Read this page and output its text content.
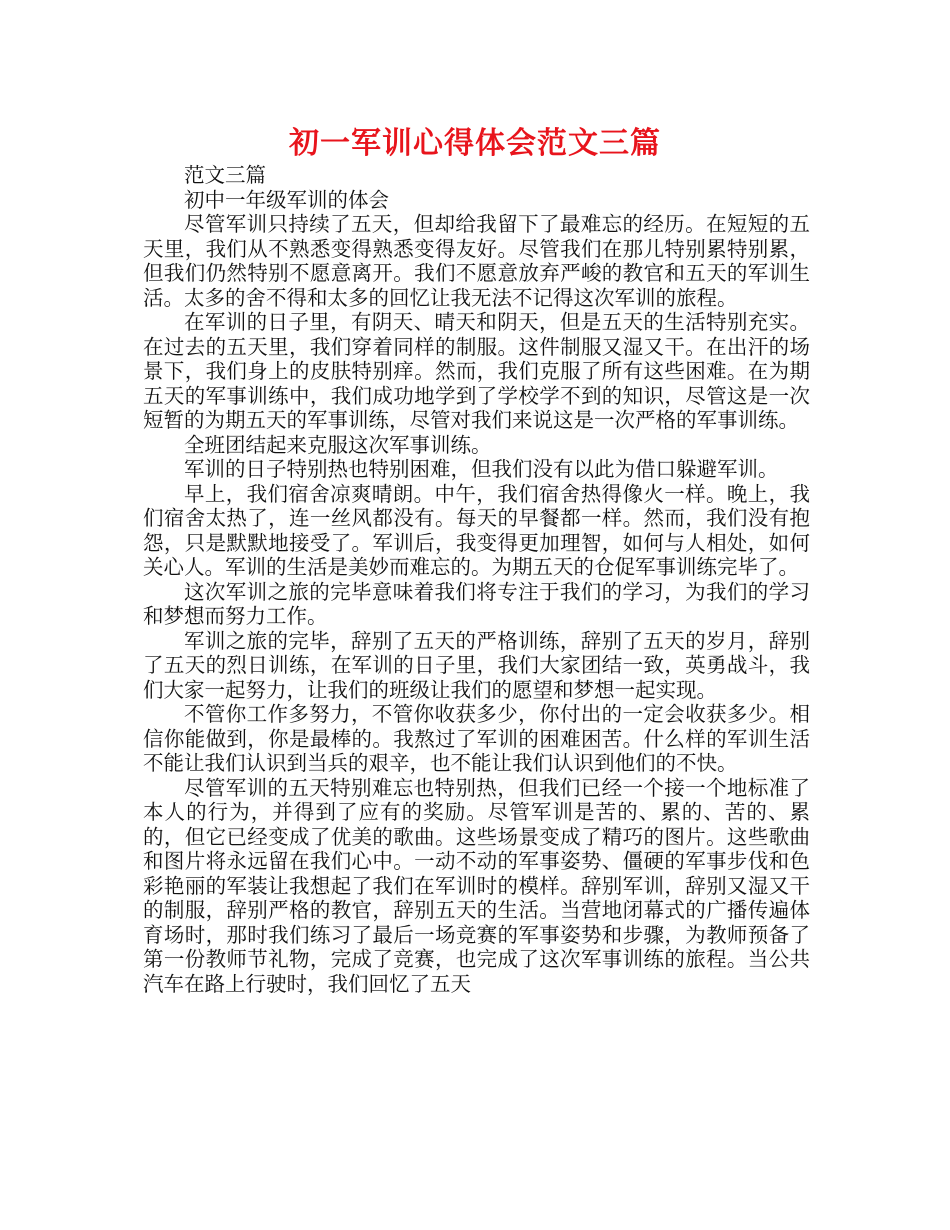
初一军训心得体会范文三篇

范文三篇

初中一年级军训的体会

尽管军训只持续了五天，但却给我留下了最难忘的经历。在短短的五天里，我们从不熟悉变得熟悉变得友好。尽管我们在那儿特别累特别累，但我们仍然特别不愿意离开。我们不愿意放弃严峻的教官和五天的军训生活。太多的舍不得和太多的回忆让我无法不记得这次军训的旅程。

在军训的日子里，有阴天、晴天和阴天，但是五天的生活特别充实。在过去的五天里，我们穿着同样的制服。这件制服又湿又干。在出汗的场景下，我们身上的皮肤特别痒。然而，我们克服了所有这些困难。在为期五天的军事训练中，我们成功地学到了学校学不到的知识，尽管这是一次短暂的为期五天的军事训练，尽管对我们来说这是一次严格的军事训练。

全班团结起来克服这次军事训练。

军训的日子特别热也特别困难，但我们没有以此为借口躲避军训。

早上，我们宿舍凉爽晴朗。中午，我们宿舍热得像火一样。晚上，我们宿舍太热了，连一丝风都没有。每天的早餐都一样。然而，我们没有抱怨，只是默默地接受了。军训后，我变得更加理智，如何与人相处，如何关心人。军训的生活是美妙而难忘的。为期五天的仓促军事训练完毕了。

这次军训之旅的完毕意味着我们将专注于我们的学习，为我们的学习和梦想而努力工作。

军训之旅的完毕，辞别了五天的严格训练，辞别了五天的岁月，辞别了五天的烈日训练，在军训的日子里，我们大家团结一致，英勇战斗，我们大家一起努力，让我们的班级让我们的愿望和梦想一起实现。

不管你工作多努力，不管你收获多少，你付出的一定会收获多少。相信你能做到，你是最棒的。我熬过了军训的困难困苦。什么样的军训生活不能让我们认识到当兵的艰辛，也不能让我们认识到他们的不快。

尽管军训的五天特别难忘也特别热，但我们已经一个接一个地标准了本人的行为，并得到了应有的奖励。尽管军训是苦的、累的、苦的、累的，但它已经变成了优美的歌曲。这些场景变成了精巧的图片。这些歌曲和图片将永远留在我们心中。一动不动的军事姿势、僵硬的军事步伐和色彩艳丽的军装让我想起了我们在军训时的模样。辞别军训，辞别又湿又干的制服，辞别严格的教官，辞别五天的生活。当营地闭幕式的广播传遍体育场时，那时我们练习了最后一场竞赛的军事姿势和步骤，为教师预备了第一份教师节礼物，完成了竞赛，也完成了这次军事训练的旅程。当公共汽车在路上行驶时，我们回忆了五天
